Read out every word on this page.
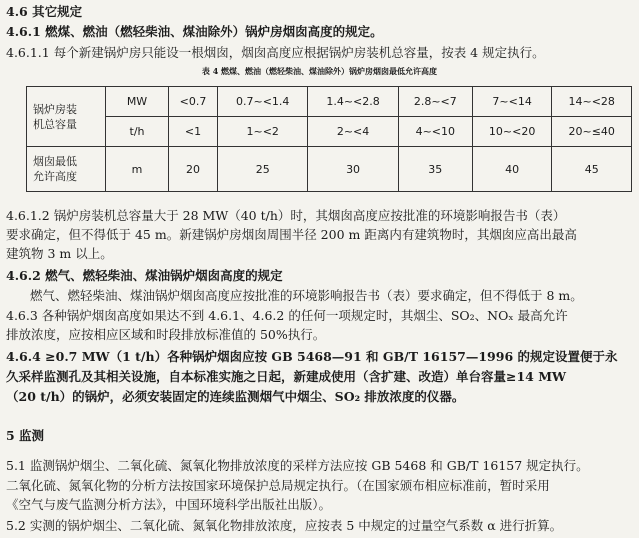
4.6 其它规定
4.6.1 燃煤、燃油（燃轻柴油、煤油除外）锅炉房烟囱高度的规定。
4.6.1.1 每个新建锅炉房只能设一根烟囱，烟囱高度应根据锅炉房装机总容量，按表 4 规定执行。
表 4 燃煤、燃油（燃轻柴油、煤油除外）锅炉房烟囱最低允许高度
锅炉房装
机总容量	MW	<0.7	0.7~<1.4	1.4~<2.8	2.8~<7	7~<14	14~<28
	t/h	<1	1~<2	2~<4	4~<10	10~<20	20~≤40

烟囱最低
允许高度	m	20	25	30	35	40	45
4.6.1.2 锅炉房装机总容量大于 28 MW（40 t/h）时，其烟囱高度应按批准的环境影响报告书（表）
要求确定，但不得低于 45 m。新建锅炉房烟囱周围半径 200 m 距离内有建筑物时，其烟囱应高出最高
建筑物 3 m 以上。
4.6.2 燃气、燃轻柴油、煤油锅炉烟囱高度的规定
燃气、燃轻柴油、煤油锅炉烟囱高度应按批准的环境影响报告书（表）要求确定，但不得低于 8 m。
4.6.3 各种锅炉烟囱高度如果达不到 4.6.1、4.6.2 的任何一项规定时，其烟尘、SO₂、NOₓ 最高允许
排放浓度，应按相应区域和时段排放标准值的 50%执行。
4.6.4 ≥0.7 MW（1 t/h）各种锅炉烟囱应按 GB 5468—91 和 GB/T 16157—1996 的规定设置便于永
久采样监测孔及其相关设施，自本标准实施之日起，新建成使用（含扩建、改造）单台容量≥14 MW
（20 t/h）的锅炉，必须安装固定的连续监测烟气中烟尘、SO₂ 排放浓度的仪器。
5 监测
5.1 监测锅炉烟尘、二氧化硫、氮氧化物排放浓度的采样方法应按 GB 5468 和 GB/T 16157 规定执行。
二氧化硫、氮氧化物的分析方法按国家环境保护总局规定执行。（在国家颁布相应标准前，暂时采用
《空气与废气监测分析方法》，中国环境科学出版社出版）。
5.2 实测的锅炉烟尘、二氧化硫、氮氧化物排放浓度，应按表 5 中规定的过量空气系数 α 进行折算。
